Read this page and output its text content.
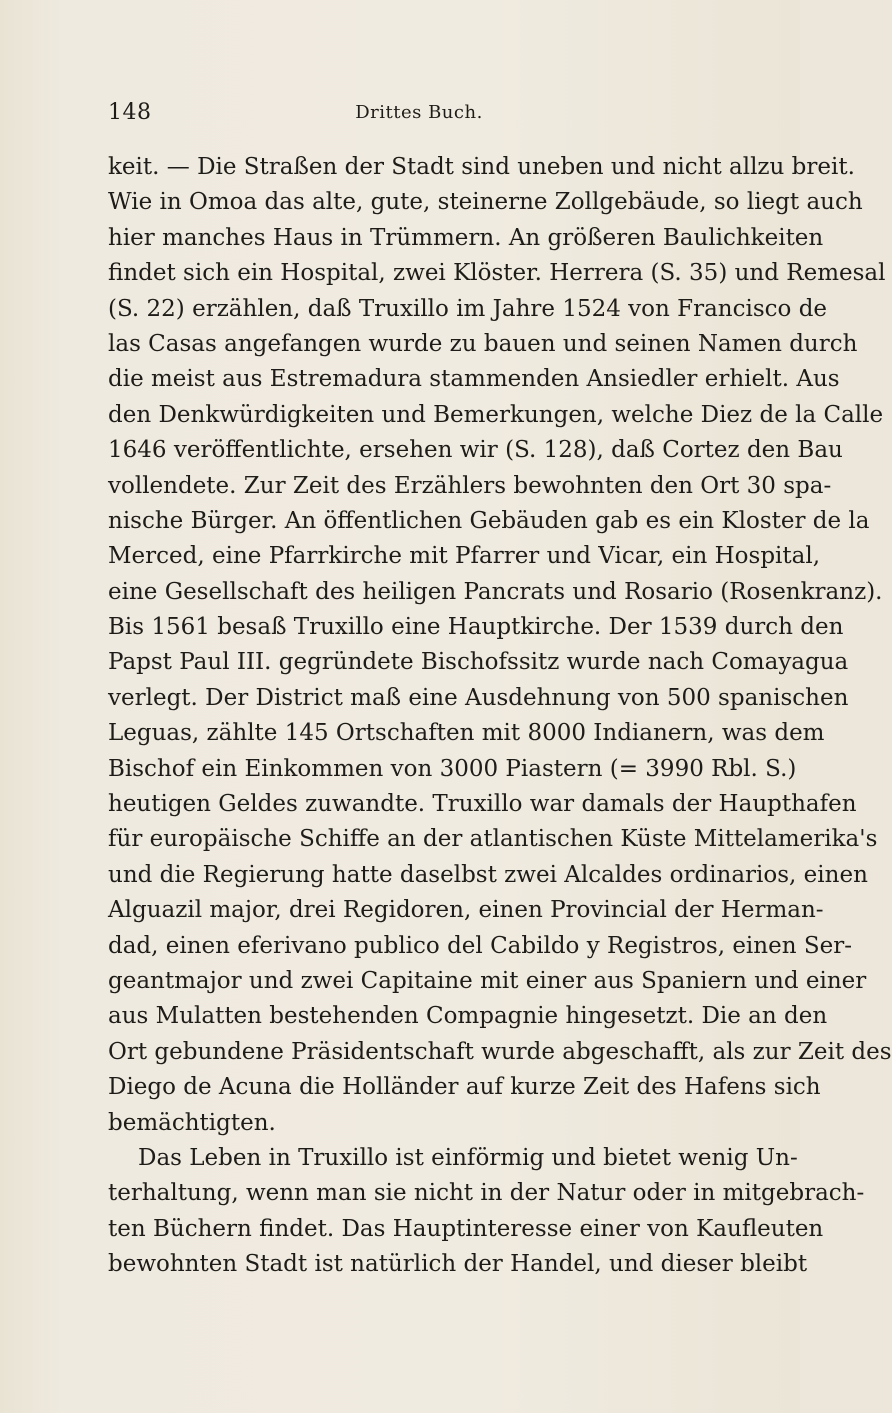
148	Drittes Buch.
keit. — Die Straßen der Stadt sind uneben und nicht allzu breit.
Wie in Omoa das alte, gute, steinerne Zollgebäude, so liegt auch
hier manches Haus in Trümmern. An größeren Baulichkeiten
findet sich ein Hospital, zwei Klöster. Herrera (S. 35) und Remesal
(S. 22) erzählen, daß Truxillo im Jahre 1524 von Francisco de
las Casas angefangen wurde zu bauen und seinen Namen durch
die meist aus Estremadura stammenden Ansiedler erhielt. Aus
den Denkwürdigkeiten und Bemerkungen, welche Diez de la Calle
1646 veröffentlichte, ersehen wir (S. 128), daß Cortez den Bau
vollendete. Zur Zeit des Erzählers bewohnten den Ort 30 spa-
nische Bürger. An öffentlichen Gebäuden gab es ein Kloster de la
Merced, eine Pfarrkirche mit Pfarrer und Vicar, ein Hospital,
eine Gesellschaft des heiligen Pancrats und Rosario (Rosenkranz).
Bis 1561 besaß Truxillo eine Hauptkirche. Der 1539 durch den
Papst Paul III. gegründete Bischofssitz wurde nach Comayagua
verlegt. Der District maß eine Ausdehnung von 500 spanischen
Leguas, zählte 145 Ortschaften mit 8000 Indianern, was dem
Bischof ein Einkommen von 3000 Piastern (= 3990 Rbl. S.)
heutigen Geldes zuwandte. Truxillo war damals der Haupthafen
für europäische Schiffe an der atlantischen Küste Mittelamerika's
und die Regierung hatte daselbst zwei Alcaldes ordinarios, einen
Alguazil major, drei Regidoren, einen Provincial der Herman-
dad, einen eferivano publico del Cabildo y Registros, einen Ser-
geantmajor und zwei Capitaine mit einer aus Spaniern und einer
aus Mulatten bestehenden Compagnie hingesetzt. Die an den
Ort gebundene Präsidentschaft wurde abgeschafft, als zur Zeit des
Diego de Acuna die Holländer auf kurze Zeit des Hafens sich
bemächtigten.
Das Leben in Truxillo ist einförmig und bietet wenig Un-
terhaltung, wenn man sie nicht in der Natur oder in mitgebrach-
ten Büchern findet. Das Hauptinteresse einer von Kaufleuten
bewohnten Stadt ist natürlich der Handel, und dieser bleibt
